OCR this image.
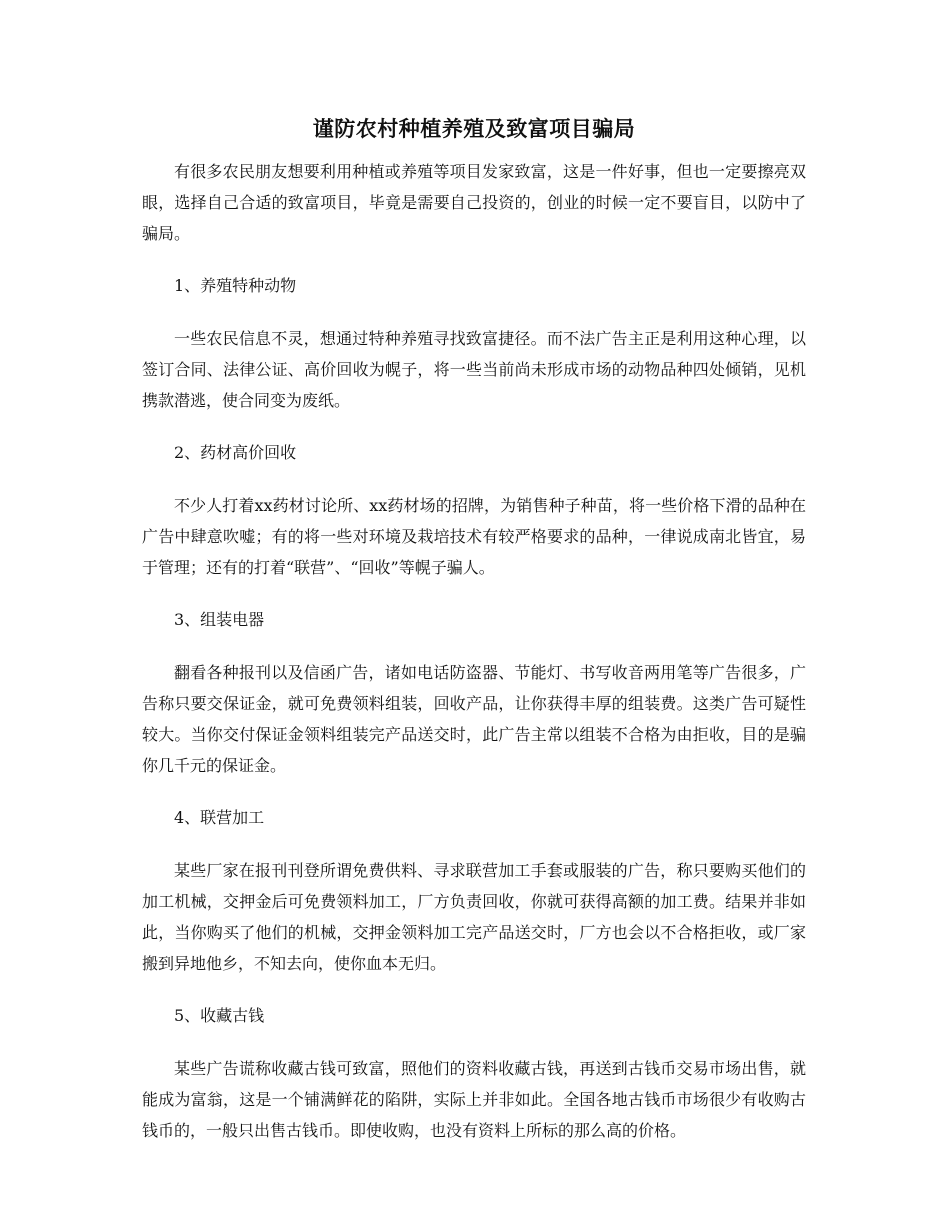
谨防农村种植养殖及致富项目骗局

有很多农民朋友想要利用种植或养殖等项目发家致富，这是一件好事，但也一定要擦亮双眼，选择自己合适的致富项目，毕竟是需要自己投资的，创业的时候一定不要盲目，以防中了骗局。

1、养殖特种动物

一些农民信息不灵，想通过特种养殖寻找致富捷径。而不法广告主正是利用这种心理，以签订合同、法律公证、高价回收为幌子，将一些当前尚未形成市场的动物品种四处倾销，见机携款潜逃，使合同变为废纸。

2、药材高价回收

不少人打着xx药材讨论所、xx药材场的招牌，为销售种子种苗，将一些价格下滑的品种在广告中肆意吹嘘；有的将一些对环境及栽培技术有较严格要求的品种，一律说成南北皆宜，易于管理；还有的打着“联营”、“回收”等幌子骗人。

3、组装电器

翻看各种报刊以及信函广告，诸如电话防盗器、节能灯、书写收音两用笔等广告很多，广告称只要交保证金，就可免费领料组装，回收产品，让你获得丰厚的组装费。这类广告可疑性较大。当你交付保证金领料组装完产品送交时，此广告主常以组装不合格为由拒收，目的是骗你几千元的保证金。

4、联营加工

某些厂家在报刊刊登所谓免费供料、寻求联营加工手套或服装的广告，称只要购买他们的加工机械，交押金后可免费领料加工，厂方负责回收，你就可获得高额的加工费。结果并非如此，当你购买了他们的机械，交押金领料加工完产品送交时，厂方也会以不合格拒收，或厂家搬到异地他乡，不知去向，使你血本无归。

5、收藏古钱

某些广告谎称收藏古钱可致富，照他们的资料收藏古钱，再送到古钱币交易市场出售，就能成为富翁，这是一个铺满鲜花的陷阱，实际上并非如此。全国各地古钱币市场很少有收购古钱币的，一般只出售古钱币。即使收购，也没有资料上所标的那么高的价格。
